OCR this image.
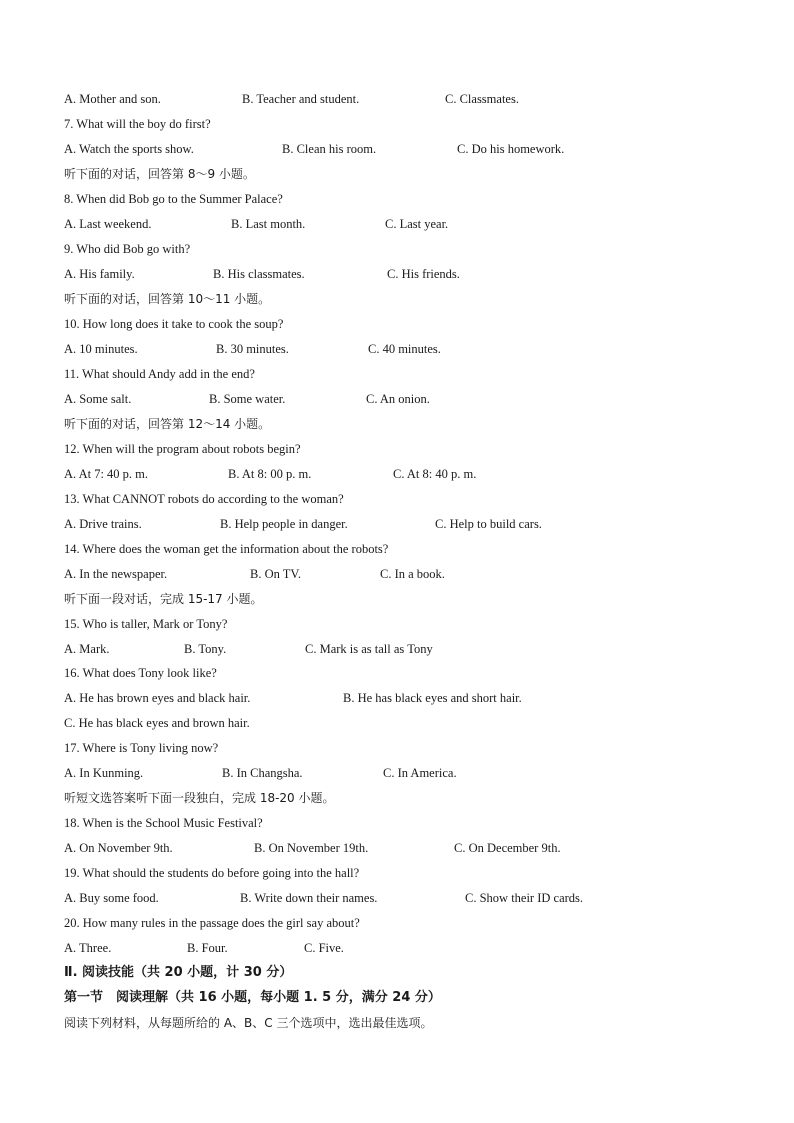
A. Mother and son.	B. Teacher and student.	C. Classmates.
7. What will the boy do first?
A. Watch the sports show.	B. Clean his room.	C. Do his homework.
听下面的对话，回答第 8～9 小题。
8. When did Bob go to the Summer Palace?
A. Last weekend.	B. Last month.	C. Last year.
9. Who did Bob go with?
A. His family.	B. His classmates.	C. His friends.
听下面的对话，回答第 10～11 小题。
10. How long does it take to cook the soup?
A. 10 minutes.	B. 30 minutes.	C. 40 minutes.
11. What should Andy add in the end?
A. Some salt.	B. Some water.	C. An onion.
听下面的对话，回答第 12～14 小题。
12. When will the program about robots begin?
A. At 7: 40 p. m.	B. At 8: 00 p. m.	C. At 8: 40 p. m.
13. What CANNOT robots do according to the woman?
A. Drive trains.	B. Help people in danger.	C. Help to build cars.
14. Where does the woman get the information about the robots?
A. In the newspaper.	B. On TV.	C. In a book.
听下面一段对话，完成 15-17 小题。
15. Who is taller, Mark or Tony?
A. Mark.	B. Tony.	C. Mark is as tall as Tony
16. What does Tony look like?
A. He has brown eyes and black hair.	B. He has black eyes and short hair.
C. He has black eyes and brown hair.
17. Where is Tony living now?
A. In Kunming.	B. In Changsha.	C. In America.
听短文选答案听下面一段独白，完成 18-20 小题。
18. When is the School Music Festival?
A. On November 9th.	B. On November 19th.	C. On December 9th.
19. What should the students do before going into the hall?
A. Buy some food.	B. Write down their names.	C. Show their ID cards.
20. How many rules in the passage does the girl say about?
A. Three.	B. Four.	C. Five.
Ⅱ. 阅读技能（共 20 小题，计 30 分）
第一节　阅读理解（共 16 小题，每小题 1. 5 分，满分 24 分）
阅读下列材料，从每题所给的 A、B、C 三个选项中，选出最佳选项。
